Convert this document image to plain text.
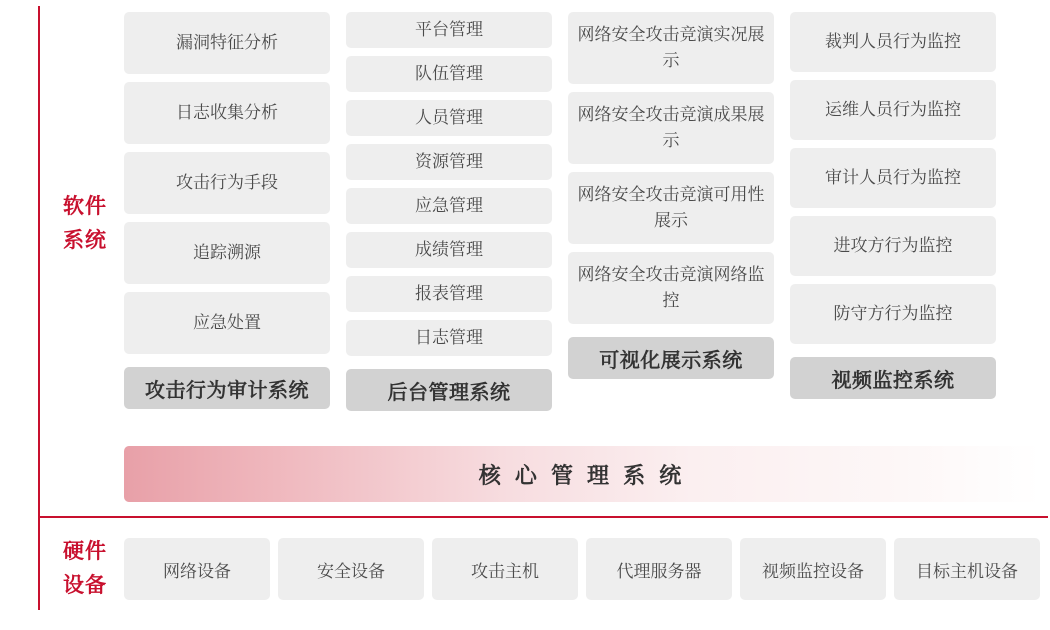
软件
系统
硬件
设备
漏洞特征分析
日志收集分析
攻击行为手段
追踪溯源
应急处置
攻击行为审计系统
平台管理
队伍管理
人员管理
资源管理
应急管理
成绩管理
报表管理
日志管理
后台管理系统
网络安全攻击竞演实况展示
网络安全攻击竞演成果展示
网络安全攻击竞演可用性展示
网络安全攻击竞演网络监控
可视化展示系统
裁判人员行为监控
运维人员行为监控
审计人员行为监控
进攻方行为监控
防守方行为监控
视频监控系统
核 心 管 理 系 统
网络设备	安全设备	攻击主机	代理服务器	视频监控设备	目标主机设备
